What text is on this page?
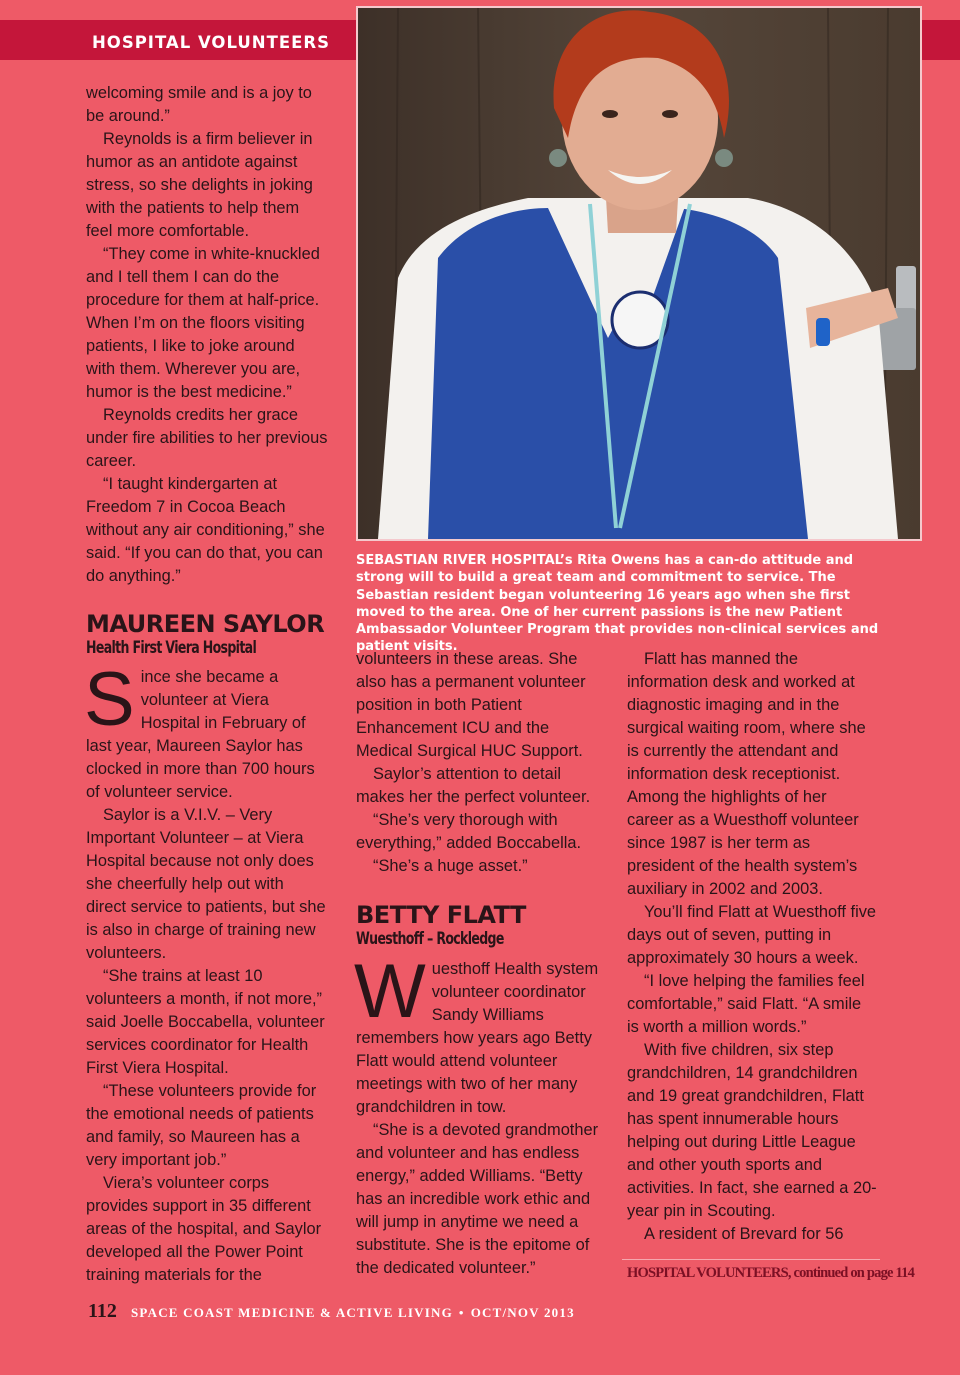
HOSPITAL VOLUNTEERS
SEBASTIAN RIVER HOSPITAL’s Rita Owens has a can-do attitude and strong will to build a great team and commitment to service. The Sebastian resident began volunteering 16 years ago when she first moved to the area. One of her current passions is the new Patient Ambassador Volunteer Program that provides non-clinical services and patient visits.

welcoming smile and is a joy to be around.”

Reynolds is a firm believer in humor as an antidote against stress, so she delights in joking with the patients to help them feel more comfortable.

“They come in white-knuckled and I tell them I can do the procedure for them at half-price. When I’m on the floors visiting patients, I like to joke around with them. Wherever you are, humor is the best medicine.”

Reynolds credits her grace under fire abilities to her previous career.

“I taught kindergarten at Freedom 7 in Cocoa Beach without any air conditioning,” she said. “If you can do that, you can do anything.”

MAUREEN SAYLOR
Health First Viera Hospital

Since she became a volunteer at Viera Hospital in February of last year, Maureen Saylor has clocked in more than 700 hours of volunteer service.

Saylor is a V.I.V. – Very Important Volunteer – at Viera Hospital because not only does she cheerfully help out with direct service to patients, but she is also in charge of training new volunteers.

“She trains at least 10 volunteers a month, if not more,” said Joelle Boccabella, volunteer services coordinator for Health First Viera Hospital.

“These volunteers provide for the emotional needs of patients and family, so Maureen has a very important job.”

Viera’s volunteer corps provides support in 35 different areas of the hospital, and Saylor developed all the Power Point training materials for the

volunteers in these areas. She also has a permanent volunteer position in both Patient Enhancement ICU and the Medical Surgical HUC Support.

Saylor’s attention to detail makes her the perfect volunteer.

“She’s very thorough with everything,” added Boccabella.

“She’s a huge asset.”

BETTY FLATT
Wuesthoff – Rockledge

Wuesthoff Health system volunteer coordinator Sandy Williams remembers how years ago Betty Flatt would attend volunteer meetings with two of her many grandchildren in tow.

“She is a devoted grandmother and volunteer and has endless energy,” added Williams. “Betty has an incredible work ethic and will jump in anytime we need a substitute. She is the epitome of the dedicated volunteer.”

Flatt has manned the information desk and worked at diagnostic imaging and in the surgical waiting room, where she is currently the attendant and information desk receptionist. Among the highlights of her career as a Wuesthoff volunteer since 1987 is her term as president of the health system’s auxiliary in 2002 and 2003.

You’ll find Flatt at Wuesthoff five days out of seven, putting in approximately 30 hours a week.

“I love helping the families feel comfortable,” said Flatt. “A smile is worth a million words.”

With five children, six step grandchildren, 14 grandchildren and 19 great grandchildren, Flatt has spent innumerable hours helping out during Little League and other youth sports and activities. In fact, she earned a 20-year pin in Scouting.

A resident of Brevard for 56

HOSPITAL VOLUNTEERS, continued on page 114
112 SPACE COAST MEDICINE & ACTIVE LIVING • OCT/NOV 2013
